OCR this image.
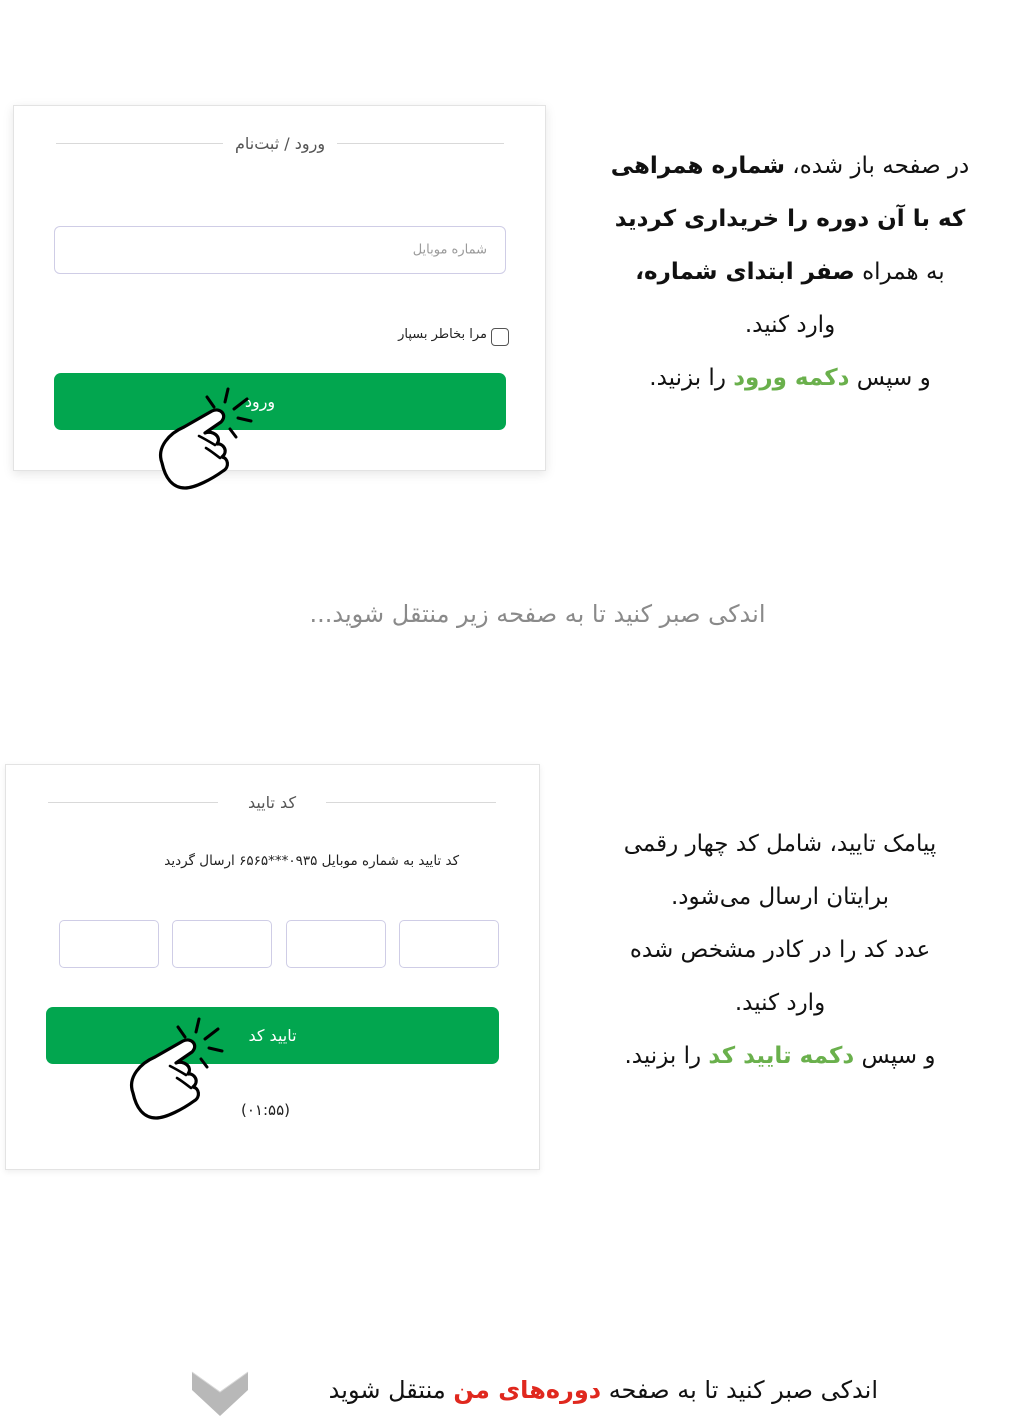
ورود / ثبت‌نام
شماره موبایل
مرا بخاطر بسپار
ورود
در صفحه باز شده، شماره همراهی
که با آن دوره را خریداری کردید
به همراه صفر ابتدای شماره،
وارد کنید.
و سپس دکمه ورود را بزنید.
اندکی صبر کنید تا به صفحه زیر منتقل شوید...
کد تایید
کد تایید به شماره موبایل ۰۹۳۵***۶۵۶۵ ارسال گردید
تایید کد
(۰۱:۵۵)
پیامک تایید، شامل کد چهار رقمی
برایتان ارسال می‌شود.
عدد کد را در کادر مشخص شده
وارد کنید.
و سپس دکمه تایید کد را بزنید.
اندکی صبر کنید تا به صفحه دوره‌های من منتقل شوید
